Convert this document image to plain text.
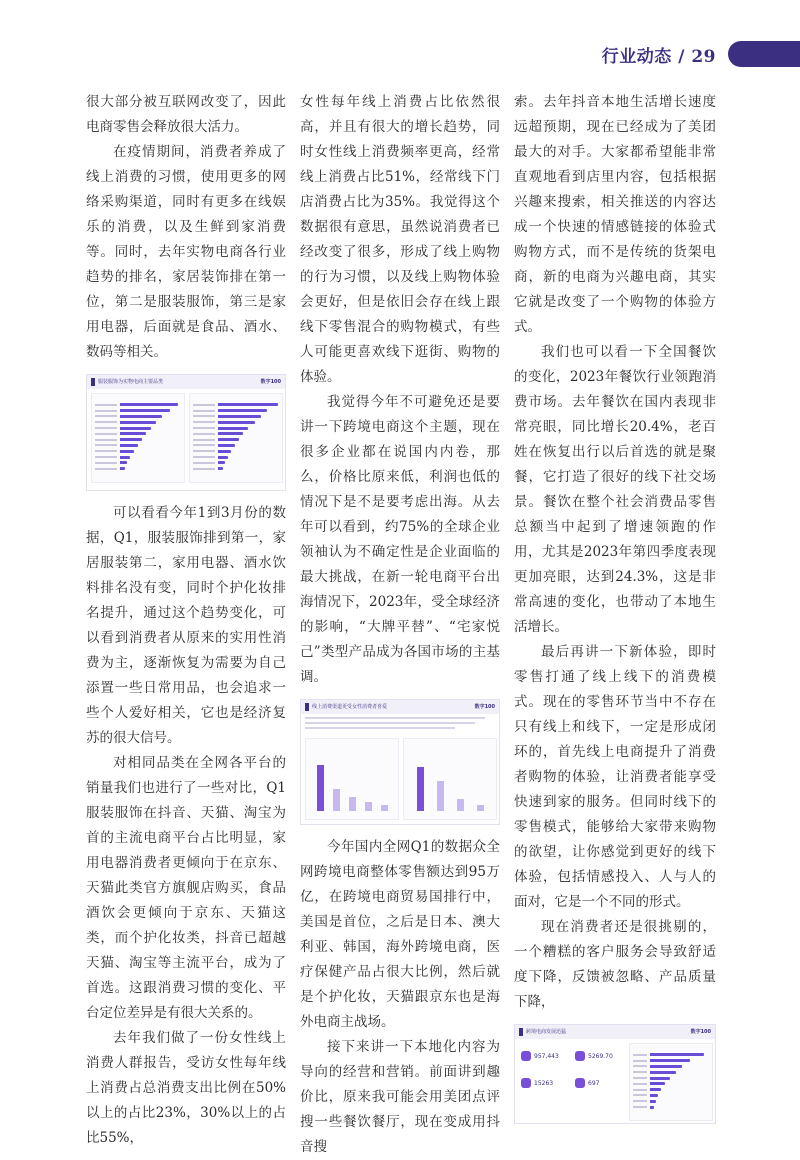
行业动态 / 29

很大部分被互联网改变了，因此电商零售会释放很大活力。

在疫情期间，消费者养成了线上消费的习惯，使用更多的网络采购渠道，同时有更多在线娱乐的消费，以及生鲜到家消费等。同时，去年实物电商各行业趋势的排名，家居装饰排在第一位，第二是服装服饰，第三是家用电器，后面就是食品、酒水、数码等相关。

服装服饰为实物电商主要品类	数字100

可以看看今年1到3月份的数据，Q1，服装服饰排到第一，家居服装第二，家用电器、酒水饮料排名没有变，同时个护化妆排名提升，通过这个趋势变化，可以看到消费者从原来的实用性消费为主，逐渐恢复为需要为自己添置一些日常用品，也会追求一些个人爱好相关，它也是经济复苏的很大信号。

对相同品类在全网各平台的销量我们也进行了一些对比，Q1服装服饰在抖音、天猫、淘宝为首的主流电商平台占比明显，家用电器消费者更倾向于在京东、天猫此类官方旗舰店购买，食品酒饮会更倾向于京东、天猫这类，而个护化妆类，抖音已超越天猫、淘宝等主流平台，成为了首选。这跟消费习惯的变化、平台定位差异是有很大关系的。

去年我们做了一份女性线上消费人群报告，受访女性每年线上消费占总消费支出比例在50%以上的占比23%，30%以上的占比55%，

女性每年线上消费占比依然很高，并且有很大的增长趋势，同时女性线上消费频率更高，经常线上消费占比51%，经常线下门店消费占比为35%。我觉得这个数据很有意思，虽然说消费者已经改变了很多，形成了线上购物的行为习惯，以及线上购物体验会更好，但是依旧会存在线上跟线下零售混合的购物模式，有些人可能更喜欢线下逛街、购物的体验。

我觉得今年不可避免还是要讲一下跨境电商这个主题，现在很多企业都在说国内内卷，那么，价格比原来低，利润也低的情况下是不是要考虑出海。从去年可以看到，约75%的全球企业领袖认为不确定性是企业面临的最大挑战，在新一轮电商平台出海情况下，2023年，受全球经济的影响，“大牌平替”、“宅家悦己”类型产品成为各国市场的主基调。

线上消费渠道更受女性消费者喜爱	数字100

今年国内全网Q1的数据众全网跨境电商整体零售额达到95万亿，在跨境电商贸易国排行中，美国是首位，之后是日本、澳大利亚、韩国，海外跨境电商，医疗保健产品占很大比例，然后就是个护化妆，天猫跟京东也是海外电商主战场。

接下来讲一下本地化内容为导向的经营和营销。前面讲到趣价比，原来我可能会用美团点评搜一些餐饮餐厅，现在变成用抖音搜

索。去年抖音本地生活增长速度远超预期，现在已经成为了美团最大的对手。大家都希望能非常直观地看到店里内容，包括根据兴趣来搜索，相关推送的内容达成一个快速的情感链接的体验式购物方式，而不是传统的货架电商，新的电商为兴趣电商，其实它就是改变了一个购物的体验方式。

我们也可以看一下全国餐饮的变化，2023年餐饮行业领跑消费市场。去年餐饮在国内表现非常亮眼，同比增长20.4%，老百姓在恢复出行以后首选的就是聚餐，它打造了很好的线下社交场景。餐饮在整个社会消费品零售总额当中起到了增速领跑的作用，尤其是2023年第四季度表现更加亮眼，达到24.3%，这是非常高速的变化，也带动了本地生活增长。

最后再讲一下新体验，即时零售打通了线上线下的消费模式。现在的零售环节当中不存在只有线上和线下，一定是形成闭环的，首先线上电商提升了消费者购物的体验，让消费者能享受快速到家的服务。但同时线下的零售模式，能够给大家带来购物的欲望，让你感觉到更好的线下体验，包括情感投入、人与人的面对，它是一个不同的形式。

现在消费者还是很挑剔的，一个糟糕的客户服务会导致舒适度下降，反馈被忽略、产品质量下降，

跨境电商发展迅猛	数字100
957,443	5269.70
15263	697
